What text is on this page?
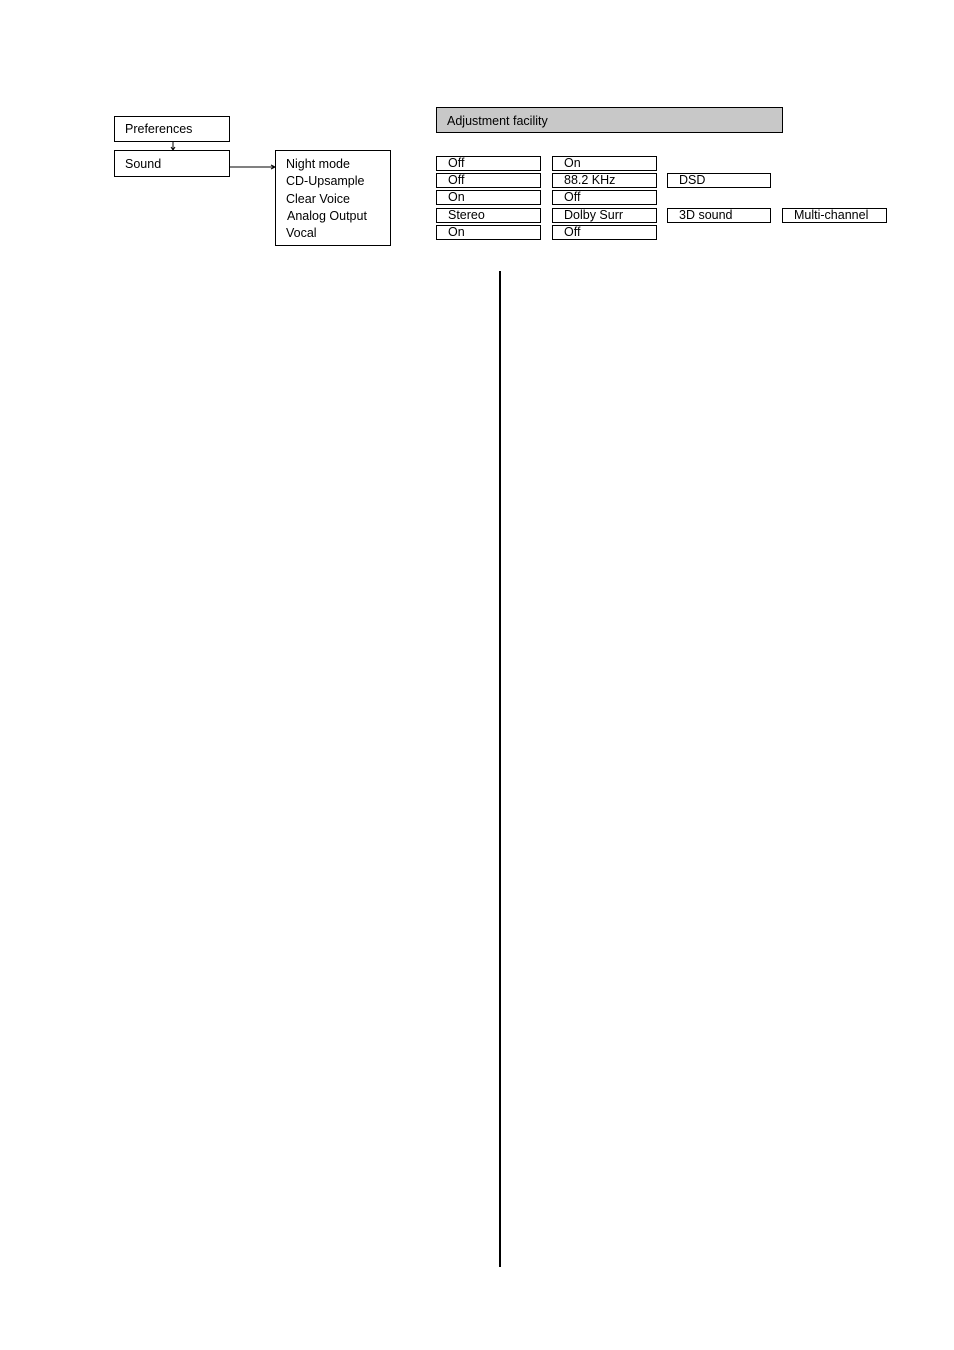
Preferences
Sound	Night mode
CD-Upsample
Clear Voice
Analog Output
Vocal
Adjustment facility
Off	On
Off	88.2 KHz	DSD
On	Off
Stereo	Dolby Surr	3D sound	Multi-channel
On	Off
